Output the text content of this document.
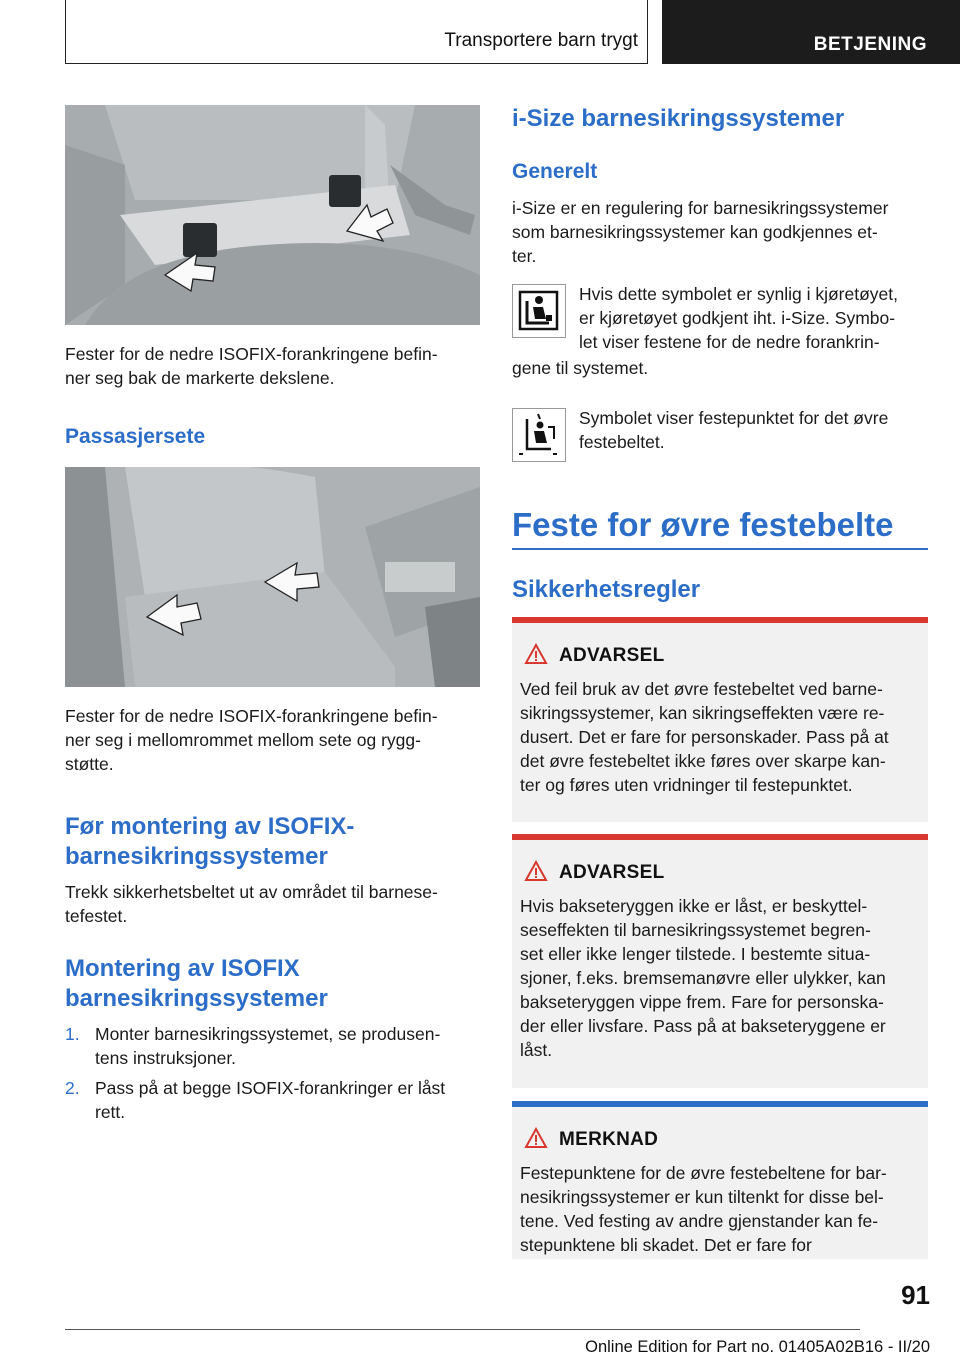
Transportere barn trygt	BETJENING
Fester for de nedre ISOFIX-forankringene befin-
ner seg bak de markerte dekslene.
Passasjersete
Fester for de nedre ISOFIX-forankringene befin-
ner seg i mellomrommet mellom sete og rygg-
støtte.
Før montering av ISOFIX-
barnesikringssystemer
Trekk sikkerhetsbeltet ut av området til barnese-
tefestet.
Montering av ISOFIX
barnesikringssystemer
1. Monter barnesikringssystemet, se produsen-
tens instruksjoner.
2. Pass på at begge ISOFIX-forankringer er låst
rett.
i-Size barnesikringssystemer
Generelt
i-Size er en regulering for barnesikringssystemer
som barnesikringssystemer kan godkjennes et-
ter.
Hvis dette symbolet er synlig i kjøretøyet,
er kjøretøyet godkjent iht. i-Size. Symbo-
let viser festene for de nedre forankrin-
gene til systemet.
Symbolet viser festepunktet for det øvre
festebeltet.
Feste for øvre festebelte
Sikkerhetsregler
ADVARSEL
Ved feil bruk av det øvre festebeltet ved barne-
sikringssystemer, kan sikringseffekten være re-
dusert. Det er fare for personskader. Pass på at
det øvre festebeltet ikke føres over skarpe kan-
ter og føres uten vridninger til festepunktet.
ADVARSEL
Hvis bakseteryggen ikke er låst, er beskyttel-
seseffekten til barnesikringssystemet begren-
set eller ikke lenger tilstede. I bestemte situa-
sjoner, f.eks. bremsemanøvre eller ulykker, kan
bakseteryggen vippe frem. Fare for personska-
der eller livsfare. Pass på at bakseteryggene er
låst.
MERKNAD
Festepunktene for de øvre festebeltene for bar-
nesikringssystemer er kun tiltenkt for disse bel-
tene. Ved festing av andre gjenstander kan fe-
stepunktene bli skadet. Det er fare for
91
Online Edition for Part no. 01405A02B16 - II/20
